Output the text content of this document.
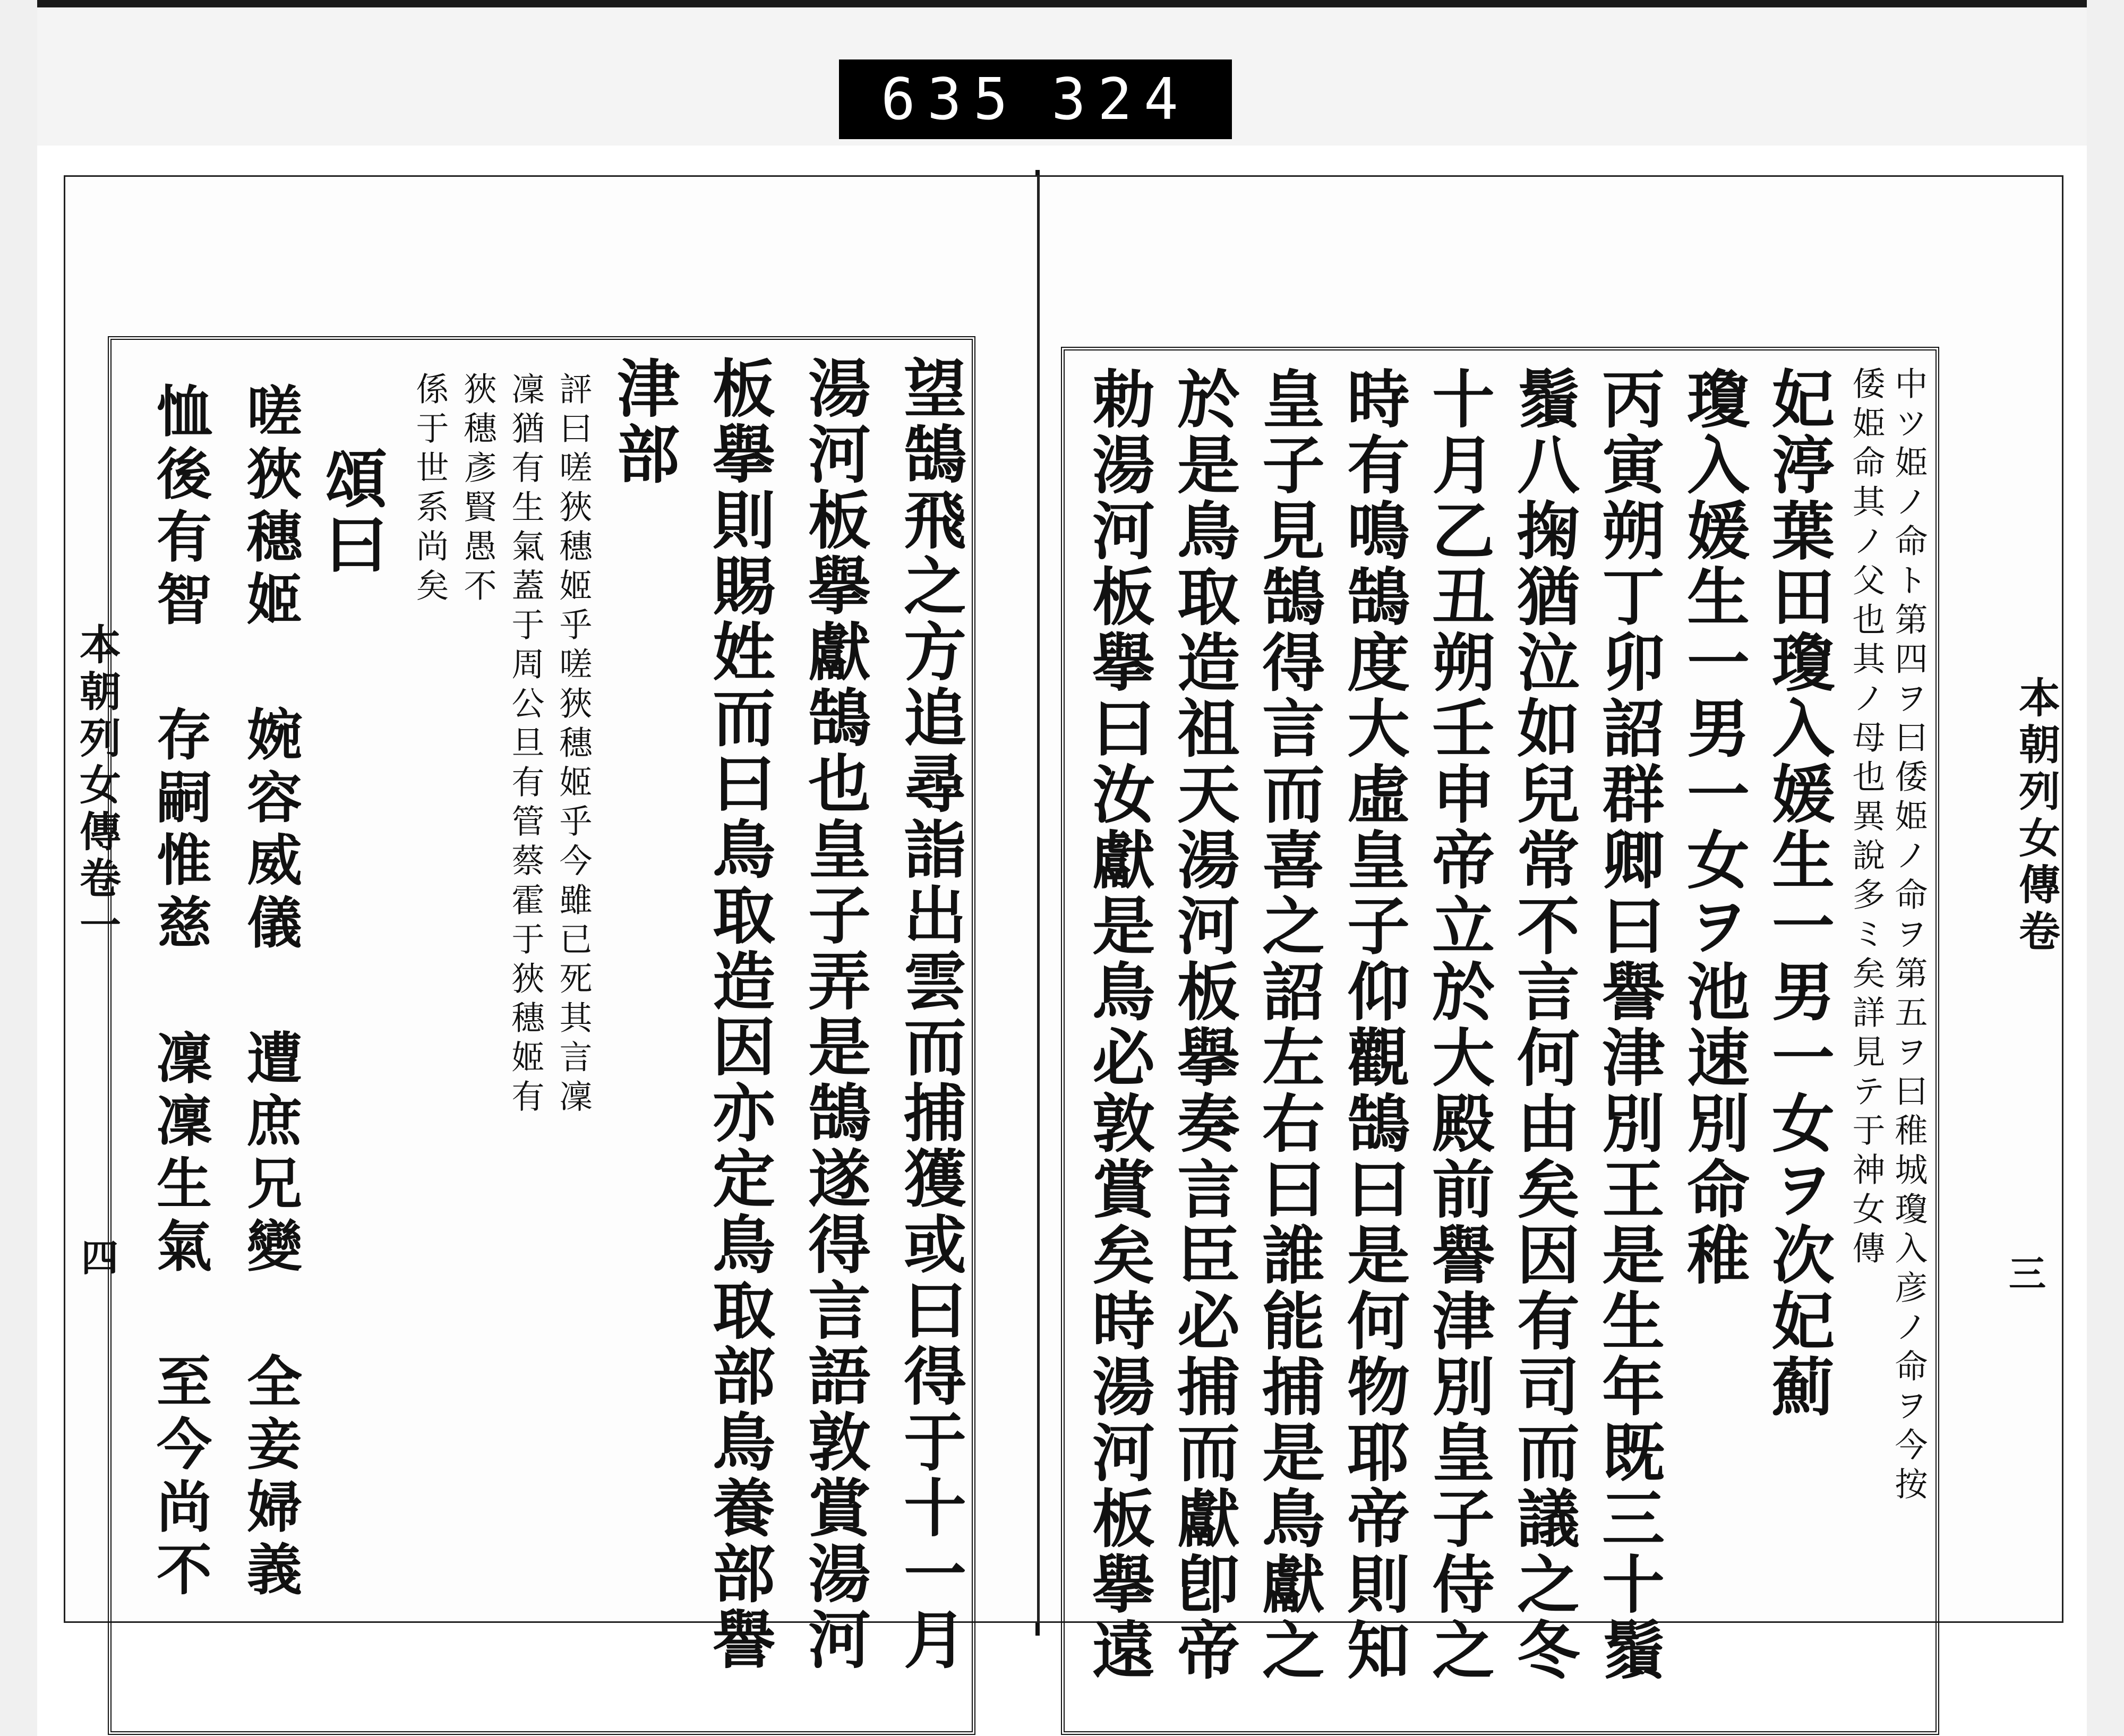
635 324
本朝列女傳卷一
四	望鵠飛之方追尋詣出雲而捕獲或曰得于十一月
湯河板擧獻鵠也皇子弄是鵠遂得言語敦賞湯河
板擧則賜姓而曰鳥取造因亦定鳥取部鳥養部譽
津部
評曰嗟狹穗姬乎嗟狹穗姬乎今雖已死其言凜
凜猶有生氣蓋于周公旦有管蔡霍于狹穗姬有
狹穗彥賢愚不
係于世系尚矣
頌曰
嗟狹穗姬 婉容威儀 遭庶兄變 全妾婦義
恤後有智 存嗣惟慈 凜凜生氣 至今尚不	本朝列女傳卷
三
中ツ姫ノ命ト第四ヲ曰倭姫ノ命ヲ第五ヲ曰稚城瓊入彦ノ命ヲ今按
倭姫命其ノ父也其ノ母也異說多ミ矣詳見テ于神女傳
妃渟葉田瓊入媛生一男一女ヲ次妃薊
瓊入媛生一男一女ヲ池速別命稚
丙寅朔丁卯詔群卿曰譽津別王是生年既三十鬚
鬚八掬猶泣如兒常不言何由矣因有司而議之冬
十月乙丑朔壬申帝立於大殿前譽津別皇子侍之
時有鳴鵠度大虛皇子仰觀鵠曰是何物耶帝則知
皇子見鵠得言而喜之詔左右曰誰能捕是鳥獻之
於是鳥取造祖天湯河板擧奏言臣必捕而獻卽帝
勅湯河板擧曰汝獻是鳥必敦賞矣時湯河板擧遠
